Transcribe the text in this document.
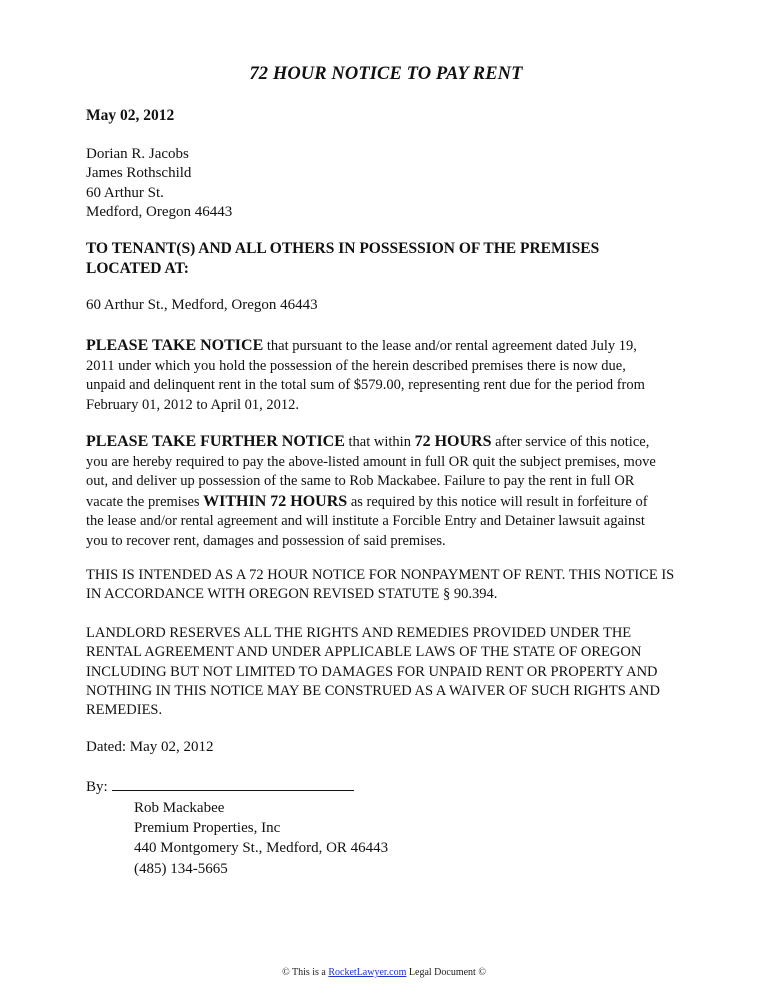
72 HOUR NOTICE TO PAY RENT
May 02, 2012
Dorian R. Jacobs
James Rothschild
60 Arthur St.
Medford, Oregon 46443
TO TENANT(S) AND ALL OTHERS IN POSSESSION OF THE PREMISES LOCATED AT:
60 Arthur St., Medford, Oregon 46443
PLEASE TAKE NOTICE that pursuant to the lease and/or rental agreement dated July 19, 2011 under which you hold the possession of the herein described premises there is now due, unpaid and delinquent rent in the total sum of $579.00, representing rent due for the period from February 01, 2012 to April 01, 2012.
PLEASE TAKE FURTHER NOTICE that within 72 HOURS after service of this notice, you are hereby required to pay the above-listed amount in full OR quit the subject premises, move out, and deliver up possession of the same to Rob Mackabee. Failure to pay the rent in full OR vacate the premises WITHIN 72 HOURS as required by this notice will result in forfeiture of the lease and/or rental agreement and will institute a Forcible Entry and Detainer lawsuit against you to recover rent, damages and possession of said premises.
THIS IS INTENDED AS A 72 HOUR NOTICE FOR NONPAYMENT OF RENT. THIS NOTICE IS IN ACCORDANCE WITH OREGON REVISED STATUTE § 90.394.
LANDLORD RESERVES ALL THE RIGHTS AND REMEDIES PROVIDED UNDER THE RENTAL AGREEMENT AND UNDER APPLICABLE LAWS OF THE STATE OF OREGON INCLUDING BUT NOT LIMITED TO DAMAGES FOR UNPAID RENT OR PROPERTY AND NOTHING IN THIS NOTICE MAY BE CONSTRUED AS A WAIVER OF SUCH RIGHTS AND REMEDIES.
Dated: May 02, 2012
By:
Rob Mackabee
Premium Properties, Inc
440 Montgomery St., Medford, OR 46443
(485) 134-5665
© This is a RocketLawyer.com Legal Document ©
